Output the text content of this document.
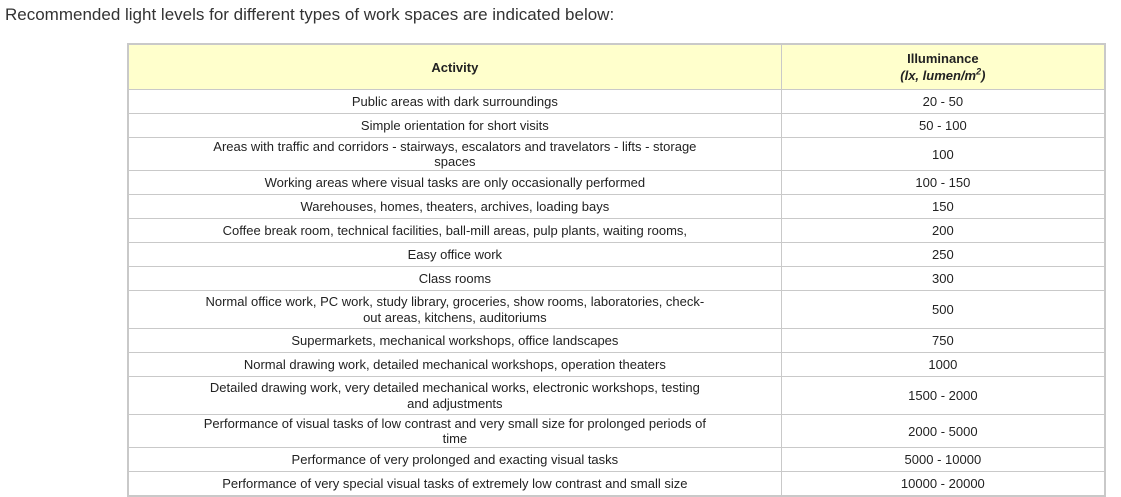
Recommended light levels for different types of work spaces are indicated below:
Activity	Illuminance
(lx, lumen/$m^2$)
Public areas with dark surroundings	20 - 50
Simple orientation for short visits	50 - 100
Areas with traffic and corridors - stairways, escalators and travelators - lifts - storage spaces	100
Working areas where visual tasks are only occasionally performed	100 - 150
Warehouses, homes, theaters, archives, loading bays	150
Coffee break room, technical facilities, ball-mill areas, pulp plants, waiting rooms,	200
Easy office work	250
Class rooms	300
Normal office work, PC work, study library, groceries, show rooms, laboratories, check-out areas, kitchens, auditoriums	500
Supermarkets, mechanical workshops, office landscapes	750
Normal drawing work, detailed mechanical workshops, operation theaters	1000
Detailed drawing work, very detailed mechanical works, electronic workshops, testing and adjustments	1500 - 2000
Performance of visual tasks of low contrast and very small size for prolonged periods of time	2000 - 5000
Performance of very prolonged and exacting visual tasks	5000 - 10000
Performance of very special visual tasks of extremely low contrast and small size	10000 - 20000
